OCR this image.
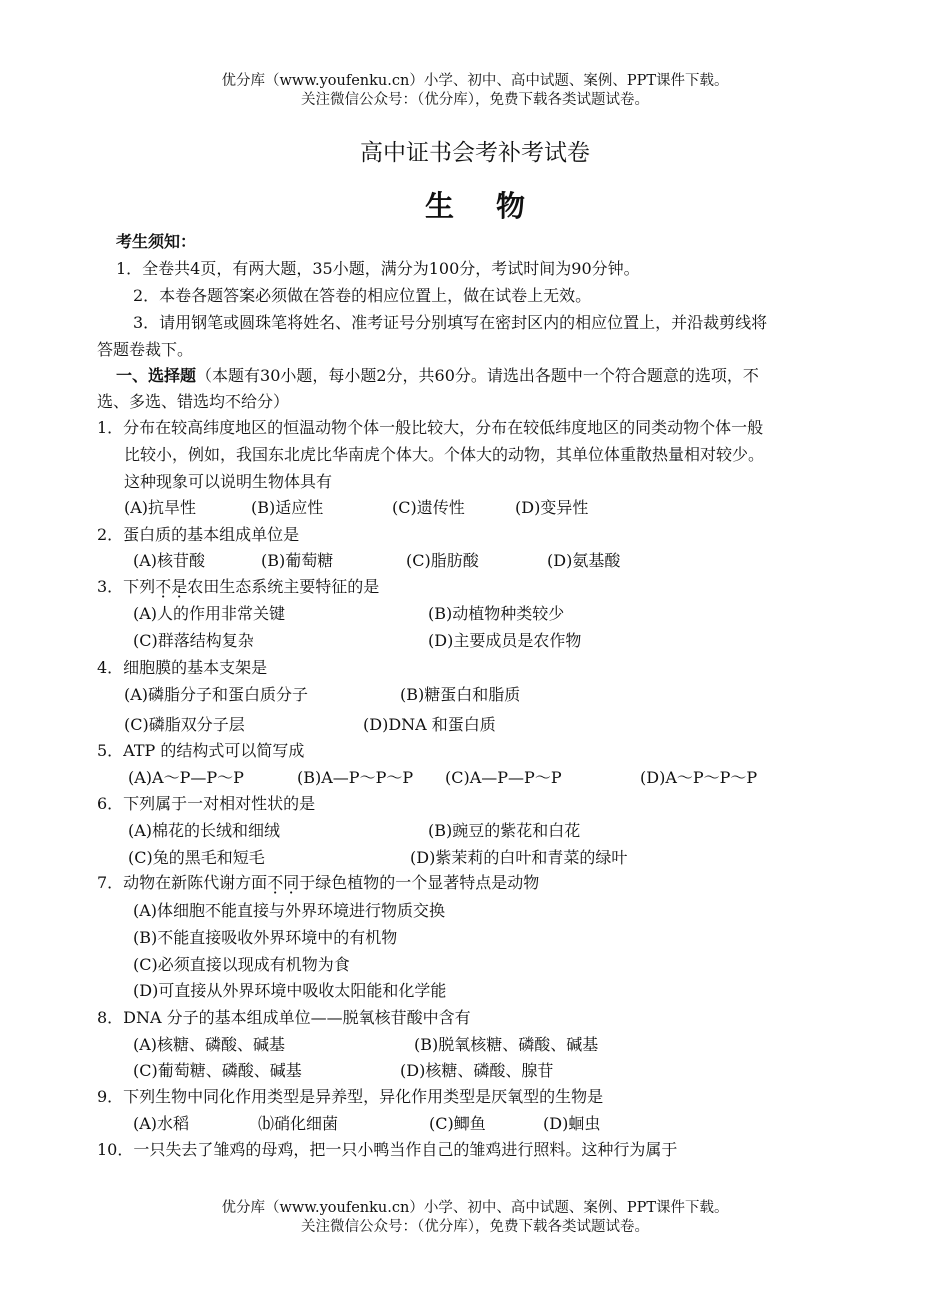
优分库（www.youfenku.cn）小学、初中、高中试题、案例、PPT课件下载。
关注微信公众号：（优分库），免费下载各类试题试卷。
高中证书会考补考试卷
生物
考生须知：
1．全卷共4页，有两大题，35小题，满分为100分，考试时间为90分钟。
2．本卷各题答案必须做在答卷的相应位置上，做在试卷上无效。
3．请用钢笔或圆珠笔将姓名、准考证号分别填写在密封区内的相应位置上，并沿裁剪线将
答题卷裁下。
一、选择题（本题有30小题，每小题2分，共60分。请选出各题中一个符合题意的选项，不
选、多选、错选均不给分）
1．分布在较高纬度地区的恒温动物个体一般比较大，分布在较低纬度地区的同类动物个体一般
比较小，例如，我国东北虎比华南虎个体大。个体大的动物，其单位体重散热量相对较少。
这种现象可以说明生物体具有
(A)抗旱性	(B)适应性	(C)遗传性	(D)变异性
2．蛋白质的基本组成单位是
(A)核苷酸	(B)葡萄糖	(C)脂肪酸	(D)氨基酸
3．下列不是农田生态系统主要特征的是
(A)人的作用非常关键	(B)动植物种类较少
(C)群落结构复杂	(D)主要成员是农作物
4．细胞膜的基本支架是
(A)磷脂分子和蛋白质分子	(B)糖蛋白和脂质
(C)磷脂双分子层	(D)DNA 和蛋白质
5．ATP 的结构式可以简写成
(A)A～P—P～P	(B)A—P～P～P (C)A—P—P～P	(D)A～P～P～P
6．下列属于一对相对性状的是
(A)棉花的长绒和细绒	(B)豌豆的紫花和白花
(C)兔的黑毛和短毛	(D)紫茉莉的白叶和青菜的绿叶
7．动物在新陈代谢方面不同于绿色植物的一个显著特点是动物
(A)体细胞不能直接与外界环境进行物质交换
(B)不能直接吸收外界环境中的有机物
(C)必须直接以现成有机物为食
(D)可直接从外界环境中吸收太阳能和化学能
8．DNA 分子的基本组成单位——脱氧核苷酸中含有
(A)核糖、磷酸、碱基	(B)脱氧核糖、磷酸、碱基
(C)葡萄糖、磷酸、碱基	(D)核糖、磷酸、腺苷
9．下列生物中同化作用类型是异养型，异化作用类型是厌氧型的生物是
(A)水稻	⒝硝化细菌	(C)鲫鱼	(D)蛔虫
10．一只失去了雏鸡的母鸡，把一只小鸭当作自己的雏鸡进行照料。这种行为属于
优分库（www.youfenku.cn）小学、初中、高中试题、案例、PPT课件下载。
关注微信公众号：（优分库），免费下载各类试题试卷。
